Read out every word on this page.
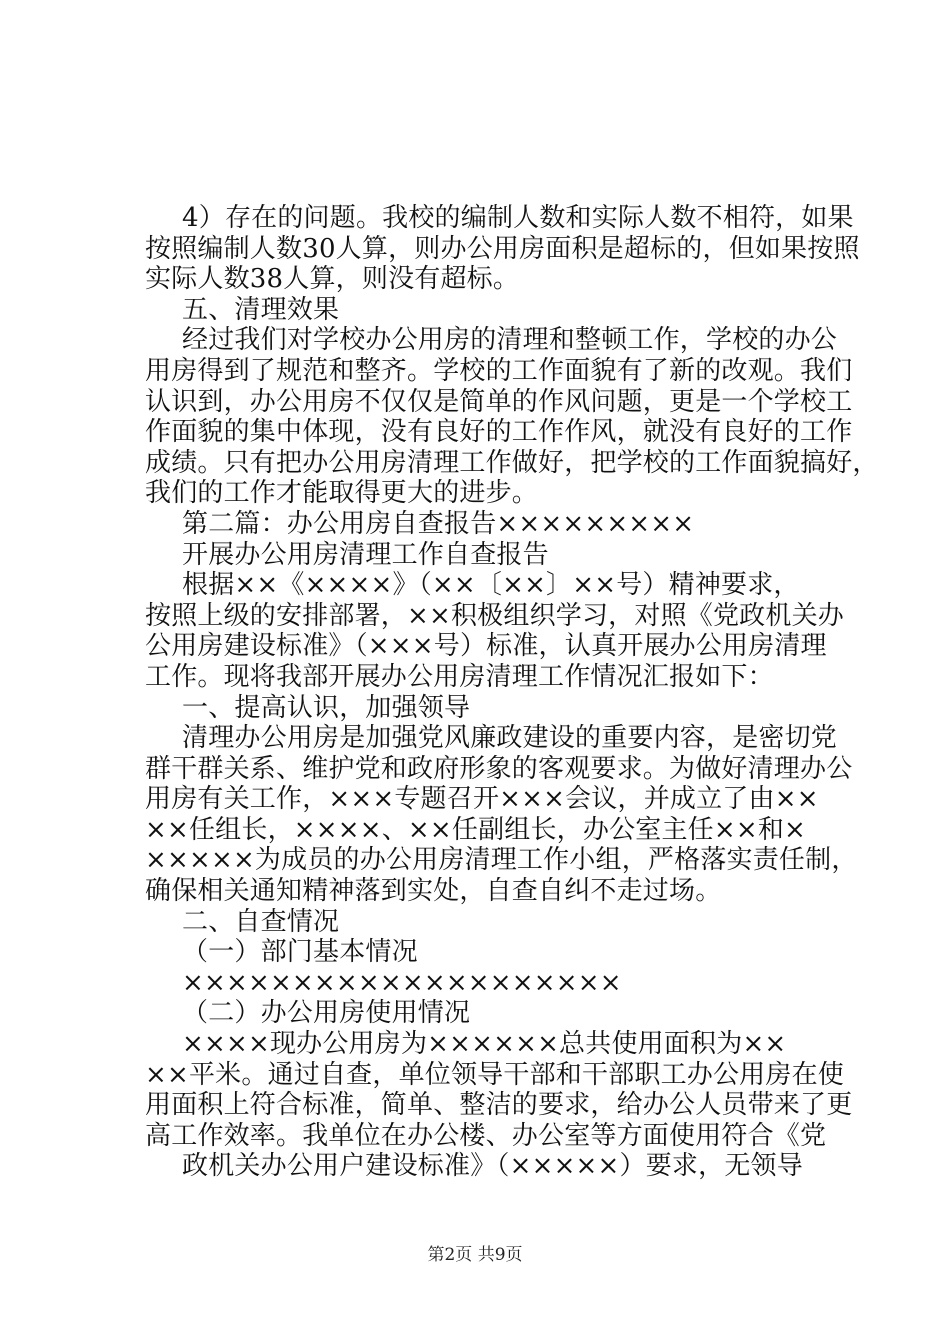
4）存在的问题。我校的编制人数和实际人数不相符，如果
按照编制人数30人算，则办公用房面积是超标的，但如果按照
实际人数38人算，则没有超标。
五、清理效果
经过我们对学校办公用房的清理和整顿工作，学校的办公
用房得到了规范和整齐。学校的工作面貌有了新的改观。我们
认识到，办公用房不仅仅是简单的作风问题，更是一个学校工
作面貌的集中体现，没有良好的工作作风，就没有良好的工作
成绩。只有把办公用房清理工作做好，把学校的工作面貌搞好，
我们的工作才能取得更大的进步。
第二篇：办公用房自查报告×××××××××
开展办公用房清理工作自查报告
根据××《××××》（××〔××〕××号）精神要求，
按照上级的安排部署，××积极组织学习，对照《党政机关办
公用房建设标准》（×××号）标准，认真开展办公用房清理
工作。现将我部开展办公用房清理工作情况汇报如下：
一、提高认识，加强领导
清理办公用房是加强党风廉政建设的重要内容，是密切党
群干群关系、维护党和政府形象的客观要求。为做好清理办公
用房有关工作，×××专题召开×××会议，并成立了由××
××任组长，××××、××任副组长，办公室主任××和×
×××××为成员的办公用房清理工作小组，严格落实责任制，
确保相关通知精神落到实处，自查自纠不走过场。
二、自查情况
（一）部门基本情况
××××××××××××××××××××
（二）办公用房使用情况
××××现办公用房为××××××总共使用面积为××
××平米。通过自查，单位领导干部和干部职工办公用房在使
用面积上符合标准，简单、整洁的要求，给办公人员带来了更
高工作效率。我单位在办公楼、办公室等方面使用符合《党
政机关办公用户建设标准》（×××××）要求，无领导
第2页 共9页
